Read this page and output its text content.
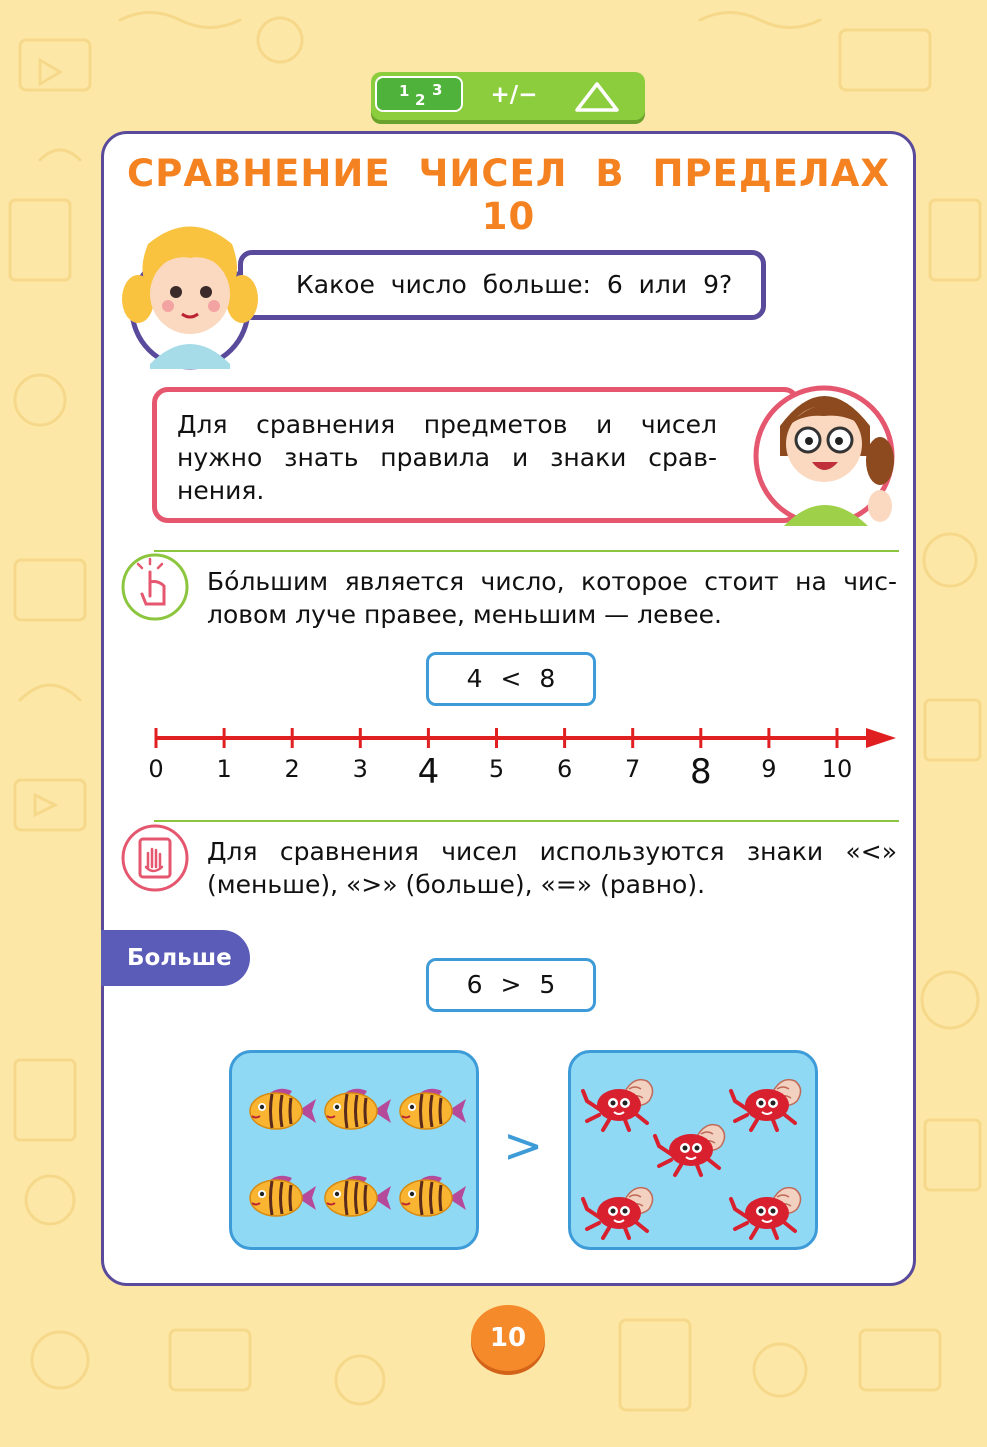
1 2
3	+/−
СРАВНЕНИЕ ЧИСЕЛ В ПРЕДЕЛАХ 10
Какое число больше: 6 или 9?
Для сравнения предметов и чисел нужно знать правила и знаки срав-нения.
Бо́льшим является число, которое стоит на чис-ловом луче правее, меньшим — левее.
4 < 8
0 1 2 3 4 5 6 7 8 9 10
Для сравнения чисел используются знаки «<» (меньше), «>» (больше), «=» (равно).
Больше
6 > 5
>
10
